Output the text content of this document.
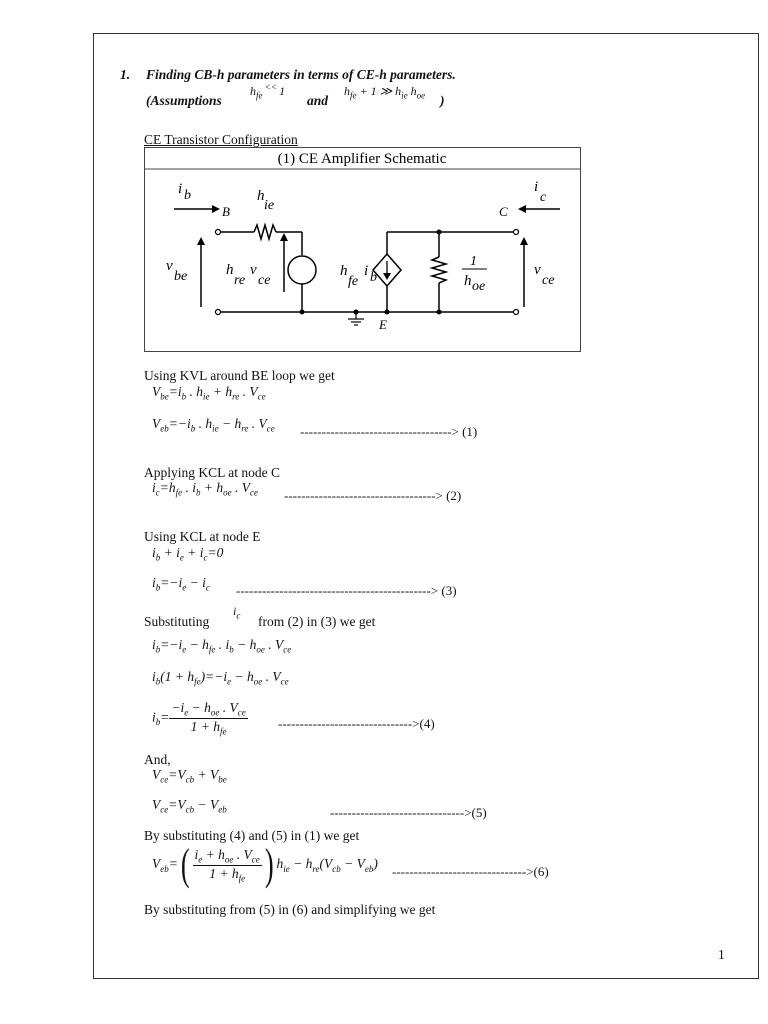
1. Finding CB-h parameters in terms of CE-h parameters.
(Assumptions
$h_{fe}$ << 1
and
$h_{fe} + 1$ ≫ $h_{ie}$ $h_{oe}$ )
CE Transistor Configuration
(1) CE Amplifier Schematic
i b
B
h
ie	C
i
c
v
be	h
re
v
ce
h
fe
i b
1
h oe
v
ce
E
Using KVL around BE loop we get
$V_{be}=i_b$ . $h_{ie} + h_{re}$ . $V_{ce}$
$V_{eb}=-i_b$ . $h_{ie} - h_{re}$ . $V_{ce}$ -----------------------------------> (1)
Applying KCL at node C
$i_c=h_{fe}$ . $i_b + h_{oe}$ . $V_{ce}$ -----------------------------------> (2)
Using KCL at node E
$i_b + i_e + i_c=0$
$i_b=-i_e - i_c$ ---------------------------------------------> (3)
Substituting
$i_c$ from (2) in (3) we get
$i_b=-i_e - h_{fe}$ . $i_b - h_{oe}$ . $V_{ce}$
$i_b(1 + h_{fe})=-i_e - h_{oe}$ . $V_{ce}$
$i_b= \frac{-i_e - h_{oe} . V_{ce}}{1 + h_{fe}} ------------------------------->(4)$
And,
$V_{ce}=V_{cb} + V_{be}$
$V_{ce}=V_{cb} - V_{eb}$	------------------------------->(5)
By substituting (4) and (5) in (1) we get
$V_{eb}=( \frac{i_e + h_{oe} . V_{ce}}{1 + h_{fe}}$ ) $h_{ie} - h_{re}(V_{cb} - V_{eb})$
------------------------------->(6)
By substituting from (5) in (6) and simplifying we get
1
